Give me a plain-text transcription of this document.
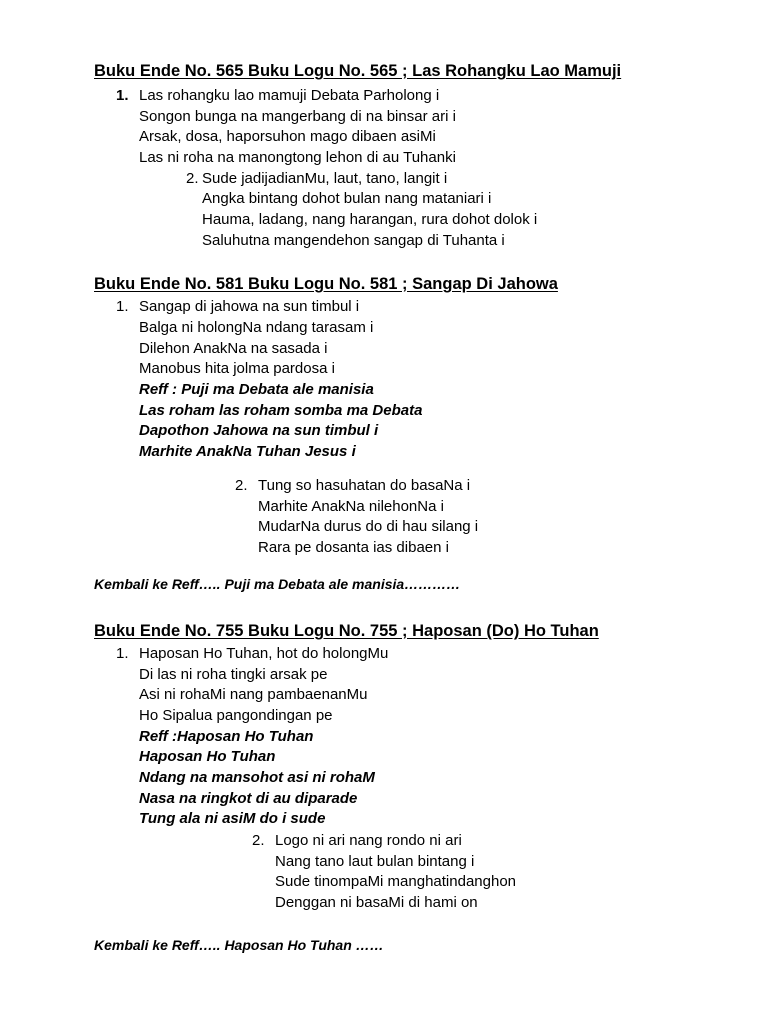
Buku Ende No. 565 Buku Logu No. 565 ; Las Rohangku Lao Mamuji
1. Las rohangku lao mamuji Debata Parholong i
Songon bunga na mangerbang di na binsar ari i
Arsak, dosa, haporsuhon mago dibaen asiMi
Las ni roha na manongtong lehon di au Tuhanki
2. Sude jadijadianMu, laut, tano, langit i
Angka bintang dohot bulan nang mataniari i
Hauma, ladang, nang harangan, rura dohot dolok i
Saluhutna mangendehon sangap di Tuhanta i
Buku Ende No. 581 Buku Logu No. 581 ; Sangap Di Jahowa
1. Sangap di jahowa na sun timbul i
Balga ni holongNa ndang tarasam i
Dilehon AnakNa na sasada i
Manobus hita jolma pardosa i
Reff : Puji ma Debata ale manisia
Las roham las roham somba ma Debata
Dapothon Jahowa na sun timbul i
Marhite AnakNa Tuhan Jesus i
2. Tung so hasuhatan do basaNa i
Marhite AnakNa nilehonNa i
MudarNa durus do di hau silang i
Rara pe dosanta ias dibaen i
Kembali ke Reff….. Puji ma Debata ale manisia…………
Buku Ende No. 755 Buku Logu No. 755 ; Haposan (Do) Ho Tuhan
1. Haposan Ho Tuhan, hot do holongMu
Di las ni roha tingki arsak pe
Asi ni rohaMi nang pambaenanMu
Ho Sipalua pangondingan pe
Reff :Haposan Ho Tuhan
Haposan Ho Tuhan
Ndang na mansohot asi ni rohaM
Nasa na ringkot di au diparade
Tung ala ni asiM do i sude
2. Logo ni ari nang rondo ni ari
Nang tano laut bulan bintang i
Sude tinompaMi manghatindanghon
Denggan ni basaMi di hami on
Kembali ke Reff….. Haposan Ho Tuhan ……
